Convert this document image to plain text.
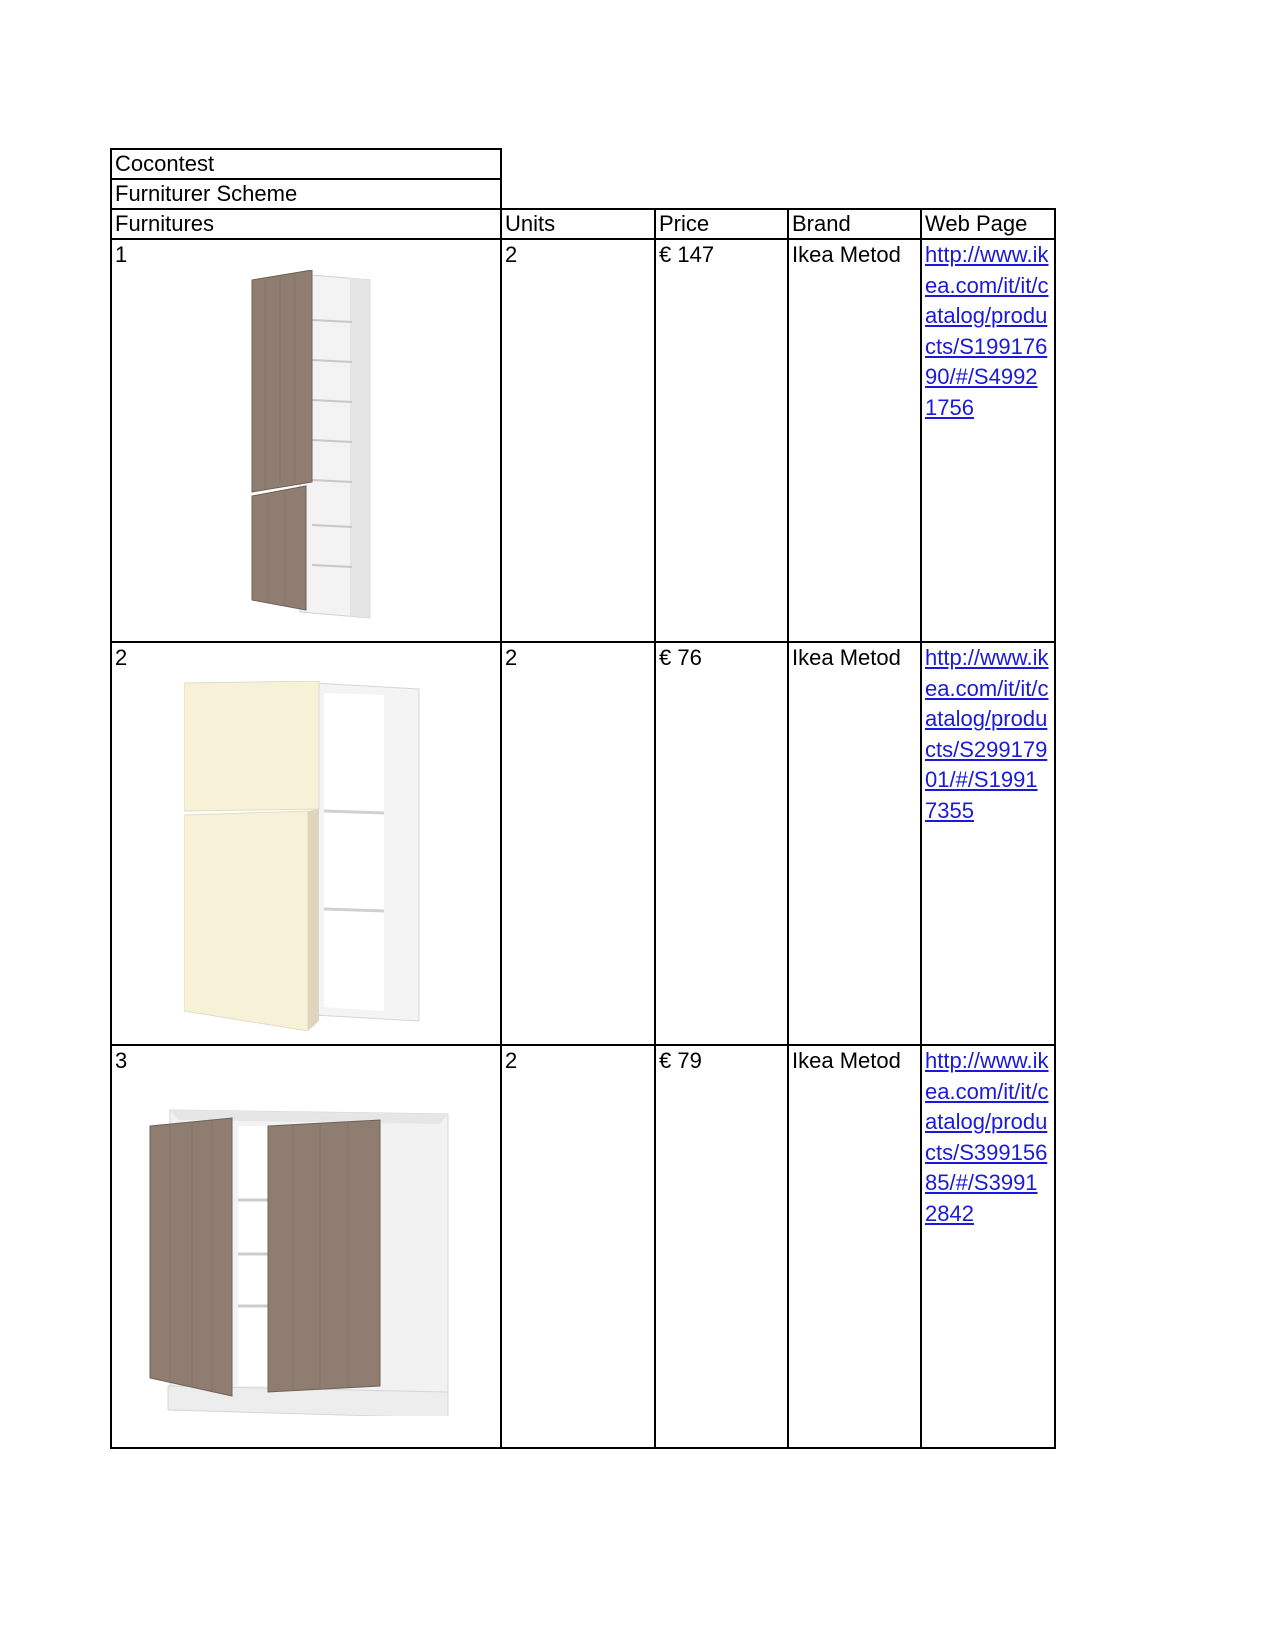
Cocontest
Furniturer Scheme
Furnitures	Units	Price	Brand	Web Page
1	2	€ 147	Ikea Metod	http://www.ikea.com/it/it/catalog/products/S19917690/#/S49921756
2	2	€ 76	Ikea Metod	http://www.ikea.com/it/it/catalog/products/S29917901/#/S19917355
3	2	€ 79	Ikea Metod	http://www.ikea.com/it/it/catalog/products/S39915685/#/S39912842
